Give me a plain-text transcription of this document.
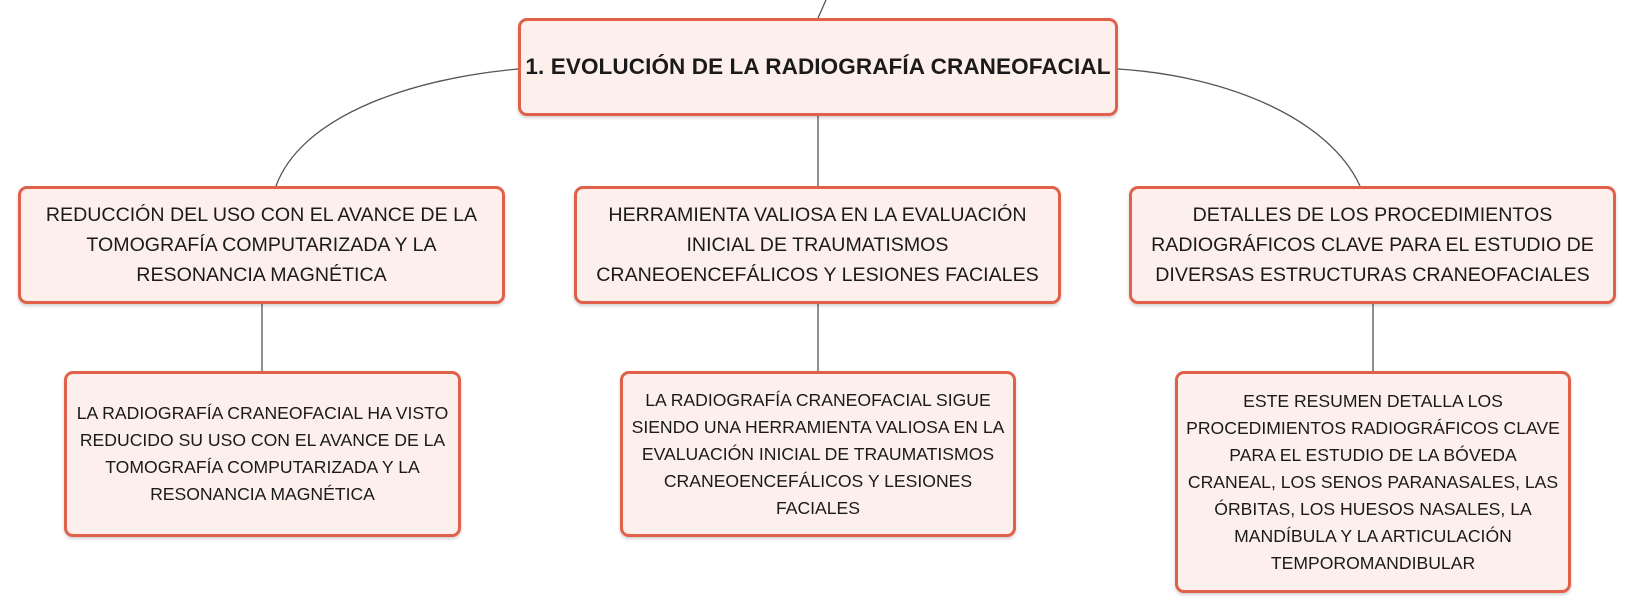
1. EVOLUCIÓN DE LA RADIOGRAFÍA CRANEOFACIAL
REDUCCIÓN DEL USO CON EL AVANCE DE LA TOMOGRAFÍA COMPUTARIZADA Y LA RESONANCIA MAGNÉTICA
HERRAMIENTA VALIOSA EN LA EVALUACIÓN INICIAL DE TRAUMATISMOS CRANEOENCEFÁLICOS Y LESIONES FACIALES
DETALLES DE LOS PROCEDIMIENTOS RADIOGRÁFICOS CLAVE PARA EL ESTUDIO DE DIVERSAS ESTRUCTURAS CRANEOFACIALES
LA RADIOGRAFÍA CRANEOFACIAL HA VISTO REDUCIDO SU USO CON EL AVANCE DE LA TOMOGRAFÍA COMPUTARIZADA Y LA RESONANCIA MAGNÉTICA
LA RADIOGRAFÍA CRANEOFACIAL SIGUE SIENDO UNA HERRAMIENTA VALIOSA EN LA EVALUACIÓN INICIAL DE TRAUMATISMOS CRANEOENCEFÁLICOS Y LESIONES FACIALES
ESTE RESUMEN DETALLA LOS PROCEDIMIENTOS RADIOGRÁFICOS CLAVE PARA EL ESTUDIO DE LA BÓVEDA CRANEAL, LOS SENOS PARANASALES, LAS ÓRBITAS, LOS HUESOS NASALES, LA MANDÍBULA Y LA ARTICULACIÓN TEMPOROMANDIBULAR
